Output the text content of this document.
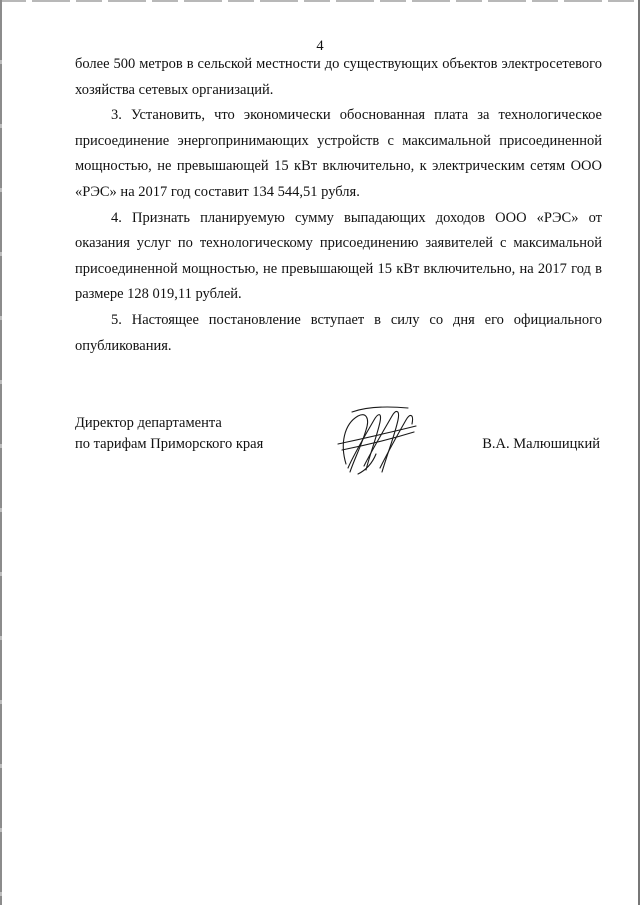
4

более 500 метров в сельской местности до существующих объектов электросетевого хозяйства сетевых организаций.

3. Установить, что экономически обоснованная плата за технологическое присоединение энергопринимающих устройств с максимальной присоединенной мощностью, не превышающей 15 кВт включительно, к электрическим сетям ООО «РЭС» на 2017 год составит 134 544,51 рубля.

4. Признать планируемую сумму выпадающих доходов ООО «РЭС» от оказания услуг по технологическому присоединению заявителей с максимальной присоединенной мощностью, не превышающей 15 кВт включительно, на 2017 год в размере 128 019,11 рублей.

5. Настоящее постановление вступает в силу со дня его официального опубликования.

Директор департамента
по тарифам Приморского края	В.А. Малюшицкий
